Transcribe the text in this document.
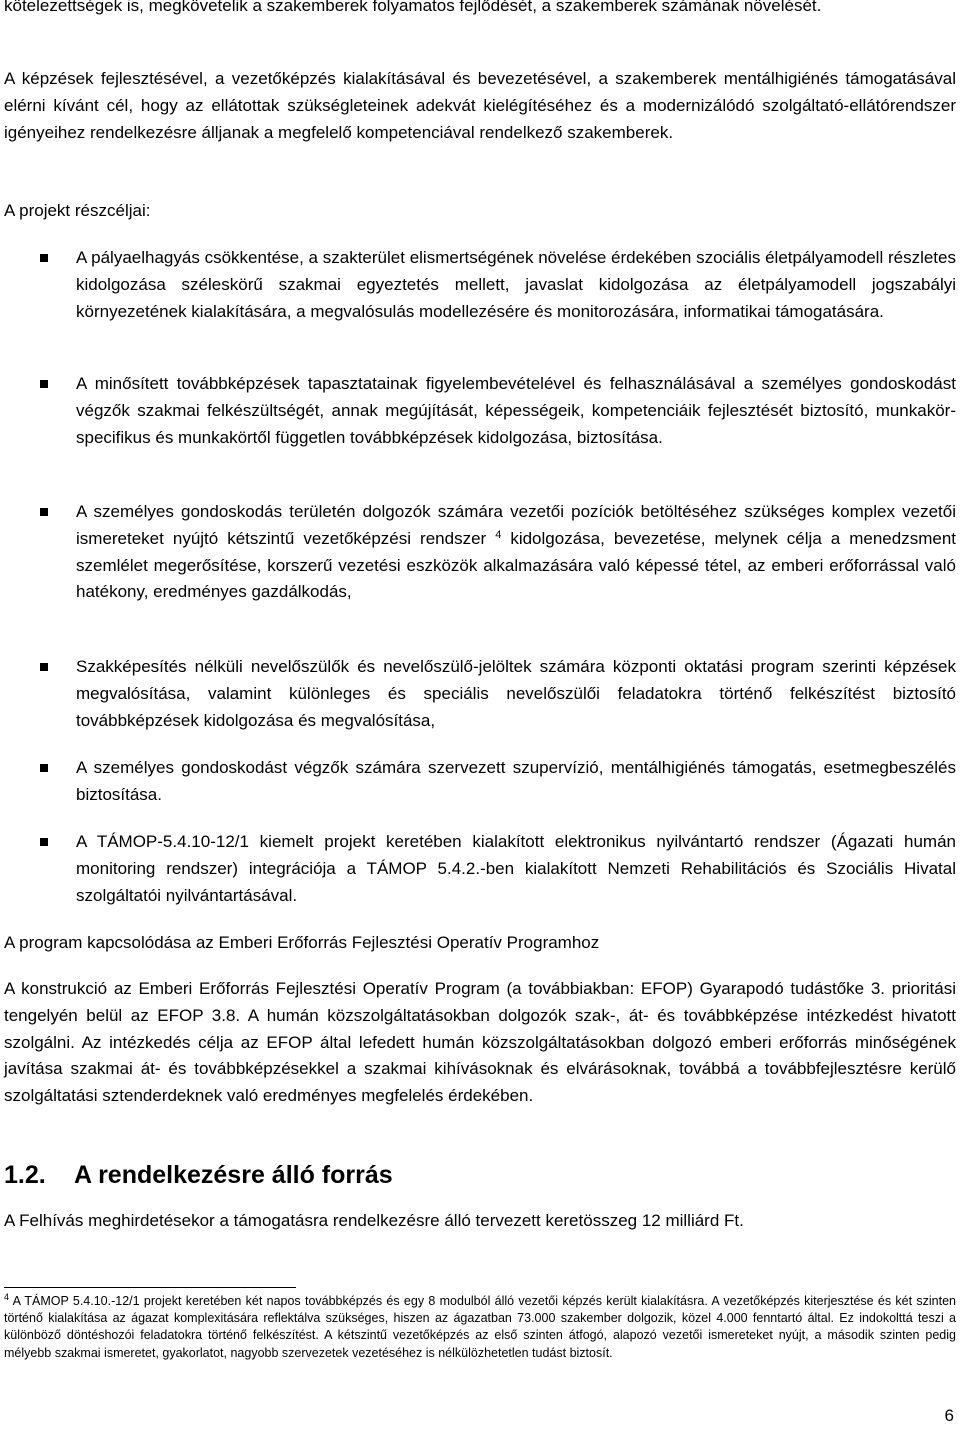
kötelezettségek is, megkövetelik a szakemberek folyamatos fejlődését, a szakemberek számának növelését.

A képzések fejlesztésével, a vezetőképzés kialakításával és bevezetésével, a szakemberek mentálhigiénés támogatásával elérni kívánt cél, hogy az ellátottak szükségleteinek adekvát kielégítéséhez és a modernizálódó szolgáltató-ellátórendszer igényeihez rendelkezésre álljanak a megfelelő kompetenciával rendelkező szakemberek.

A projekt részcéljai:

A pályaelhagyás csökkentése, a szakterület elismertségének növelése érdekében szociális életpályamodell részletes kidolgozása széleskörű szakmai egyeztetés mellett, javaslat kidolgozása az életpályamodell jogszabályi környezetének kialakítására, a megvalósulás modellezésére és monitorozására, informatikai támogatására.

A minősített továbbképzések tapasztatainak figyelembevételével és felhasználásával a személyes gondoskodást végzők szakmai felkészültségét, annak megújítását, képességeik, kompetenciáik fejlesztését biztosító, munkakör-specifikus és munkakörtől független továbbképzések kidolgozása, biztosítása.

A személyes gondoskodás területén dolgozók számára vezetői pozíciók betöltéséhez szükséges komplex vezetői ismereteket nyújtó kétszintű vezetőképzési rendszer $^4$ kidolgozása, bevezetése, melynek célja a menedzsment szemlélet megerősítése, korszerű vezetési eszközök alkalmazására való képessé tétel, az emberi erőforrással való hatékony, eredményes gazdálkodás,

Szakképesítés nélküli nevelőszülők és nevelőszülő-jelöltek számára központi oktatási program szerinti képzések megvalósítása, valamint különleges és speciális nevelőszülői feladatokra történő felkészítést biztosító továbbképzések kidolgozása és megvalósítása,

A személyes gondoskodást végzők számára szervezett szupervízió, mentálhigiénés támogatás, esetmegbeszélés biztosítása.

A TÁMOP-5.4.10-12/1 kiemelt projekt keretében kialakított elektronikus nyilvántartó rendszer (Ágazati humán monitoring rendszer) integrációja a TÁMOP 5.4.2.-ben kialakított Nemzeti Rehabilitációs és Szociális Hivatal szolgáltatói nyilvántartásával.

A program kapcsolódása az Emberi Erőforrás Fejlesztési Operatív Programhoz

A konstrukció az Emberi Erőforrás Fejlesztési Operatív Program (a továbbiakban: EFOP) Gyarapodó tudástőke 3. prioritási tengelyén belül az EFOP 3.8. A humán közszolgáltatásokban dolgozók szak-, át- és továbbképzése intézkedést hivatott szolgálni. Az intézkedés célja az EFOP által lefedett humán közszolgáltatásokban dolgozó emberi erőforrás minőségének javítása szakmai át- és továbbképzésekkel a szakmai kihívásoknak és elvárásoknak, továbbá a továbbfejlesztésre kerülő szolgáltatási sztenderdeknek való eredményes megfelelés érdekében.

1.2. A rendelkezésre álló forrás

A Felhívás meghirdetésekor a támogatásra rendelkezésre álló tervezett keretösszeg 12 milliárd Ft.

$^4$ A TÁMOP 5.4.10.-12/1 projekt keretében két napos továbbképzés és egy 8 modulból álló vezetői képzés került kialakításra. A vezetőképzés kiterjesztése és két szinten történő kialakítása az ágazat komplexitására reflektálva szükséges, hiszen az ágazatban 73.000 szakember dolgozik, közel 4.000 fenntartó által. Ez indokolttá teszi a különböző döntéshozói feladatokra történő felkészítést. A kétszintű vezetőképzés az első szinten átfogó, alapozó vezetői ismereteket nyújt, a második szinten pedig mélyebb szakmai ismeretet, gyakorlatot, nagyobb szervezetek vezetéséhez is nélkülözhetetlen tudást biztosít.

6
